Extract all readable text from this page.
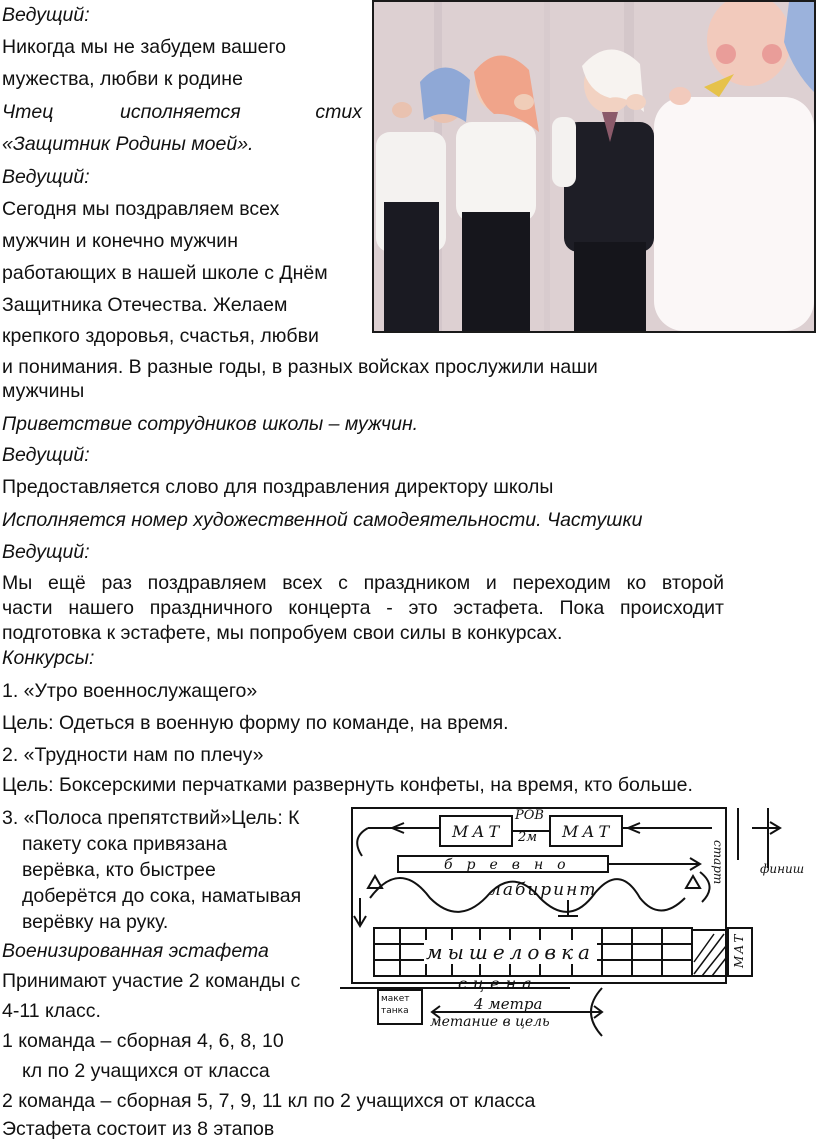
Ведущий:
Никогда мы не забудем вашего
мужества, любви к родине
Чтец	исполняется	стих
«Защитник Родины моей».
Ведущий:
Сегодня мы поздравляем всех
мужчин и конечно мужчин
работающих в нашей школе с Днём
Защитника Отечества. Желаем
крепкого здоровья, счастья, любви
и понимания. В разные годы, в разных войсках прослужили наши
мужчины
Приветствие сотрудников школы – мужчин.
Ведущий:
Предоставляется слово для поздравления директору школы
Исполняется номер художественной самодеятельности. Частушки
Ведущий:
Мы ещё раз поздравляем всех с праздником и переходим ко второй
части нашего праздничного концерта - это эстафета. Пока происходит
подготовка к эстафете, мы попробуем свои силы в конкурсах.
Конкурсы:
1. «Утро военнослужащего»
Цель: Одеться в военную форму по команде, на время.
2. «Трудности нам по плечу»
Цель: Боксерскими перчатками развернуть конфеты, на время, кто больше.
3. «Полоса препятствий»Цель: К
пакету сока привязана
верёвка, кто быстрее
доберётся до сока, наматывая
верёвку на руку.
Военизированная эстафета
Принимают участие 2 команды с
4-11 класс.
1 команда – сборная 4, 6, 8, 10
кл по 2 учащихся от класса
2 команда – сборная 5, 7, 9, 11 кл по 2 учащихся от класса
Эстафета состоит из 8 этапов
МАТ	МАТ
РОВ
2м
старт	финиш
бревно
лабиринт
мышеловка	МАТ
сцена
4 метра
метание в цель
макет танка
